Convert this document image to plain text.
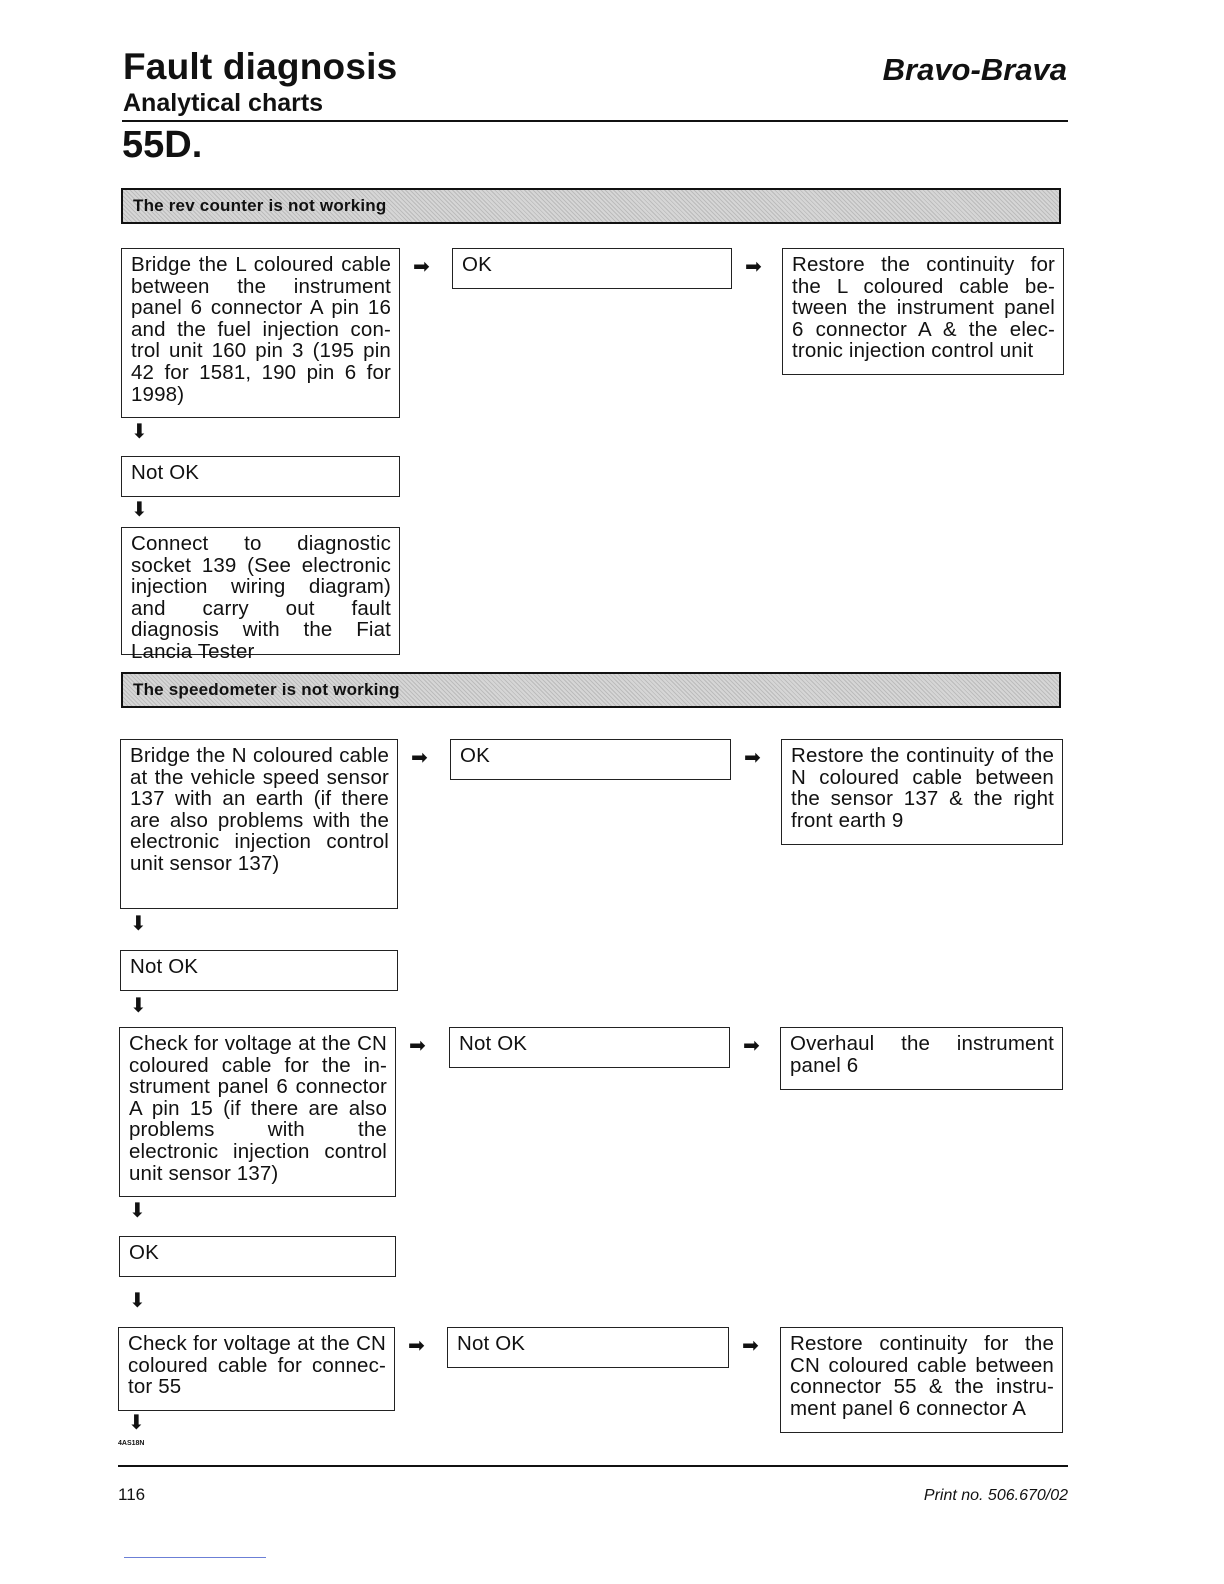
Fault diagnosis
Analytical charts
Bravo-Brava
55D.
The rev counter is not working
Bridge the L coloured cable between the instrument panel 6 connector A pin 16 and the fuel injection con-trol unit 160 pin 3 (195 pin 42 for 1581, 190 pin 6 for 1998)
➡	OK	➡	Restore the continuity for the L coloured cable be-tween the instrument panel 6 connector A & the elec-tronic injection control unit
⬇
Not OK
⬇
Connect to diagnostic socket 139 (See electronic injection wiring diagram) and carry out fault diagnosis with the Fiat Lancia Tester
The speedometer is not working
Bridge the N coloured cable at the vehicle speed sensor 137 with an earth (if there are also problems with the electronic injection control unit sensor 137)
➡	OK	➡	Restore the continuity of the N coloured cable between the sensor 137 & the right front earth 9
⬇
Not OK
⬇
Check for voltage at the CN coloured cable for the in-strument panel 6 connector A pin 15 (if there are also problems with the electronic injection control unit sensor 137)
➡	Not OK	➡	Overhaul the instrument panel 6
⬇
OK
⬇
Check for voltage at the CN coloured cable for connec-tor 55
➡	Not OK	➡	Restore continuity for the CN coloured cable between connector 55 & the instru-ment panel 6 connector A
⬇
4AS18N
116	Print no. 506.670/02
